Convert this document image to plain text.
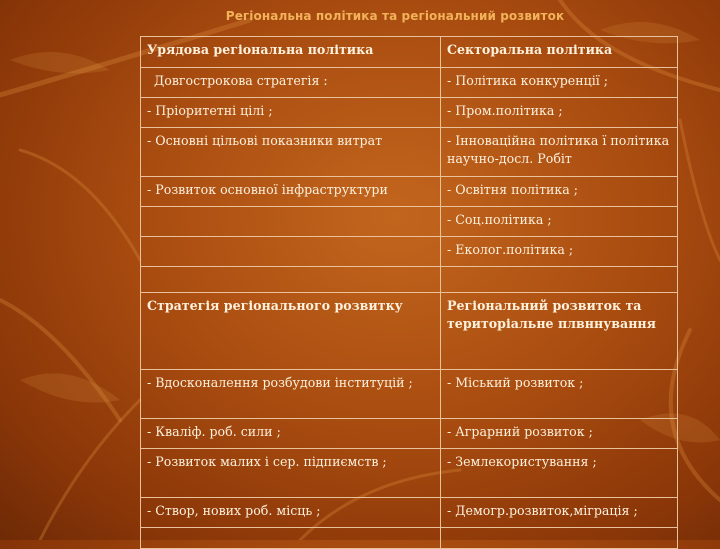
Регіональна політика та регіональний розвиток
Урядова регіональна політика	Секторальна політика
Довгострокова стратегія :	- Політика конкуренції ;
- Пріоритетні цілі ;	- Пром.політика ;
- Основні цільові показники витрат	- Інноваційна політика ї політика научно-досл. Робіт
- Розвиток основної інфраструктури	- Освітня політика ;
	- Соц.політика ;
	- Еколог.політика ;

Стратегія регіонального розвитку	Регіональний розвиток та територіальне плвннування
- Вдосконалення розбудови інституцій ;	- Міський розвиток ;
- Кваліф. роб. сили ;	- Аграрний розвиток ;
- Розвиток малих і сер. підпиємств ;	- Землекористування ;
- Створ, нових роб. місць ;	- Демогр.розвиток,міграція ;
